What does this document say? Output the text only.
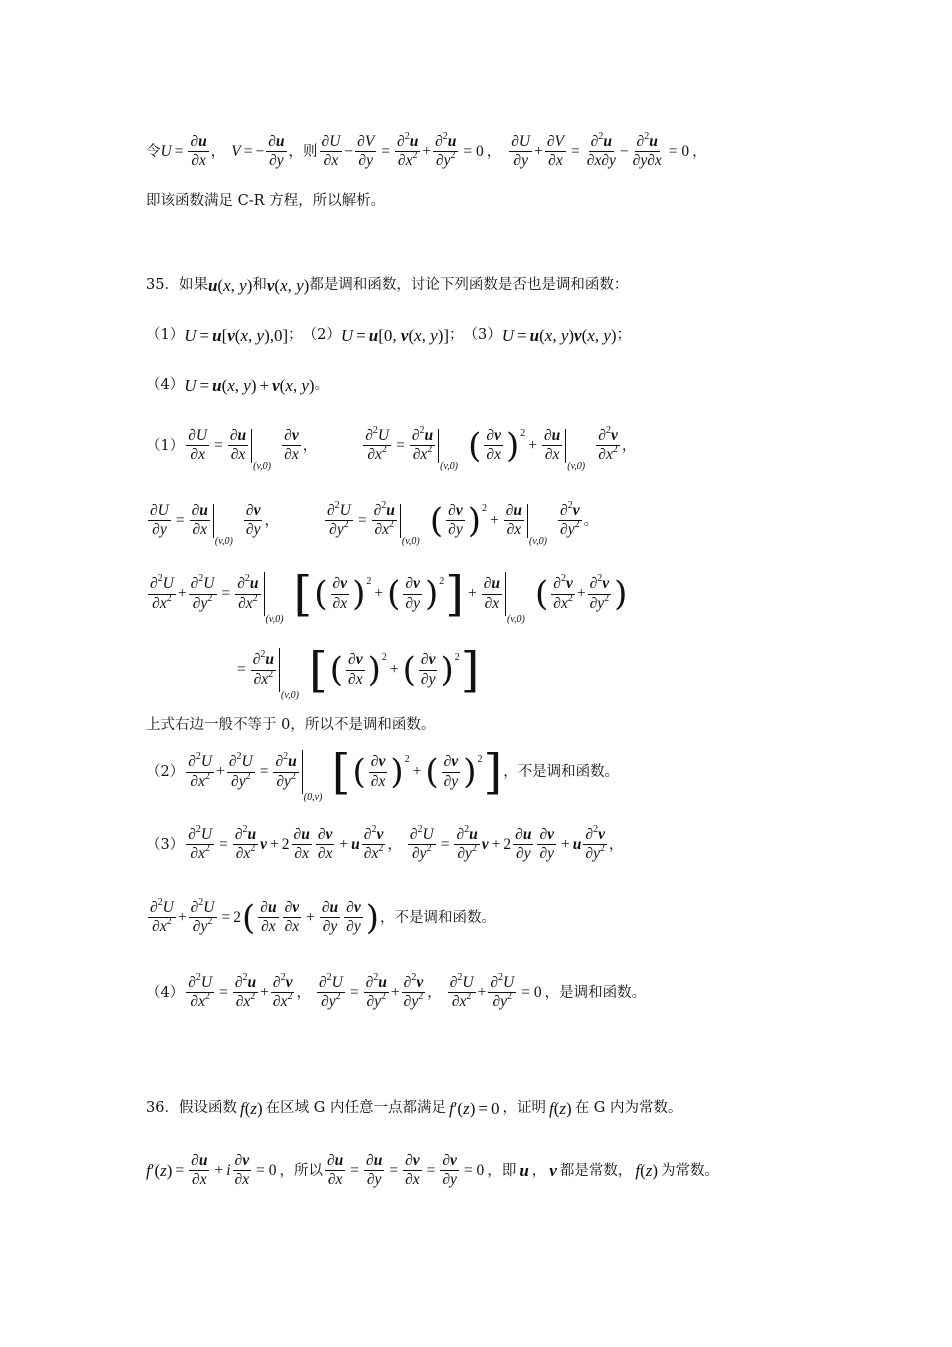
令 $U = \frac{\partial u}{\partial x}$ ， V = − $\frac{\partial u}{\partial y}$ ， 则
∂U
∂x
− $\frac{\partial V}{\partial y} = \frac{\partial^2u}{\partial x^2} + \frac{\partial^2u}{\partial y^2} = 0$ ，
∂U
∂y
+ $\frac{\partial V}{\partial x} = \frac{\partial^2u}{\partial x\partial y} - \frac{\partial^2u}{\partial y\partial x} = 0$ ，
即该函数满足 C-R 方程，所以解析。
35． 如果 u ( x , y ) 和 v ( x , y ) 都是调和函数，讨论下列函数是否也是调和函数：
（1） U = u [ v ( x , y ),0] ； （2） U = u [0, v ( x , y )] ； （3） U = u ( x , y ) v ( x , y ) ；
（4） U = u ( x , y ) + v ( x , y ) 。
$(1) \frac{\partial U}{\partial x} = \frac{\partial u}{\partial x}$
(v,0)
∂v
∂x
，	$\frac{\partial^2U}{\partial x^2} = \frac{\partial^2u}{\partial x^2}$
(v,0)
( ∂v
∂x ) 2
+ $\frac{\partial u}{\partial x}$
(v,0)
∂$^2$v
$\partial x^2$ ，
$\frac{\partial U}{\partial y} = \frac{\partial u}{\partial x}$
(v,0)
∂v
∂y
，	$\frac{\partial^2U}{\partial y^2} = \frac{\partial^2u}{\partial x^2}$
(v,0)
( ∂v
∂y ) 2
+ $\frac{\partial u}{\partial x}$
(v,0)
∂$^2$v
$\partial y^2$ 。
∂$^2$U
$\partial x^2 + \frac{\partial^2U}{\partial y^2} = \frac{\partial^2u}{\partial x^2}$
(v,0) [ ( ∂v
∂x ) 2
+ ( ∂v
∂y ) 2 ] + $\frac{\partial u}{\partial x}$
(v,0)
( ∂$^2$v
$\partial x^2$ +
∂$^2$v
$\partial y^2$ )
= $\frac{\partial^2u}{\partial x^2}$
(v,0) [ ( ∂v
∂x ) 2
+ ( ∂v
∂y ) 2 ]
上式右边一般不等于 0，所以不是调和函数。
（2）
∂$^2$U
$\partial x^2 + \frac{\partial^2U}{\partial y^2} = \frac{\partial^2u}{\partial y^2}$
(0,v) [ ( ∂v
∂x ) 2
+ ( ∂v
∂y ) 2 ] ， 不是调和函数。
$(3) \frac{\partial^2U}{\partial x^2} = \frac{\partial^2u}{\partial x^2}$ $v + 2 \frac{\partial u}{\partial x} \partial v$
∂x
+ u
∂$^2$v
$\partial x^2$ ， $\frac{\partial^2U}{\partial y^2} = \frac{\partial^2u}{\partial y^2}$ $v + 2 \frac{\partial u}{\partial y} \partial v$
∂y
+ u
∂$^2$v
$\partial y^2$ ，
∂$^2$U
$\partial x^2 + \frac{\partial^2U}{\partial y^2} = 2$ ( ∂u
∂x
∂v
∂x
+ $\frac{\partial u}{\partial y} \partial v$
∂y ) ， 不是调和函数。
$(4) \frac{\partial^2U}{\partial x^2} = \frac{\partial^2u}{\partial x^2}$ +
∂$^2$v
$\partial x^2$ ， $\frac{\partial^2U}{\partial y^2} = \frac{\partial^2u}{\partial y^2}$ +
∂$^2$v
$\partial y^2$ ，
∂$^2$U
$\partial x^2 + \frac{\partial^2U}{\partial y^2} = 0$ ， 是调和函数。
36． 假设函数 f ( z ) 在区域 G 内任意一点都满足 f ′( z ) = 0 ，证明 f ( z ) 在 G 内为常数。
$f'(z) = \frac{\partial u}{\partial x} + i \frac{\partial v}{\partial x} = 0$ ， 所以 $\frac{\partial u}{\partial x} = \frac{\partial u}{\partial y} = \frac{\partial v}{\partial x} = \frac{\partial v}{\partial y} = 0$ ， 即 u ， v 都是常数， f ( z ) 为常数。
